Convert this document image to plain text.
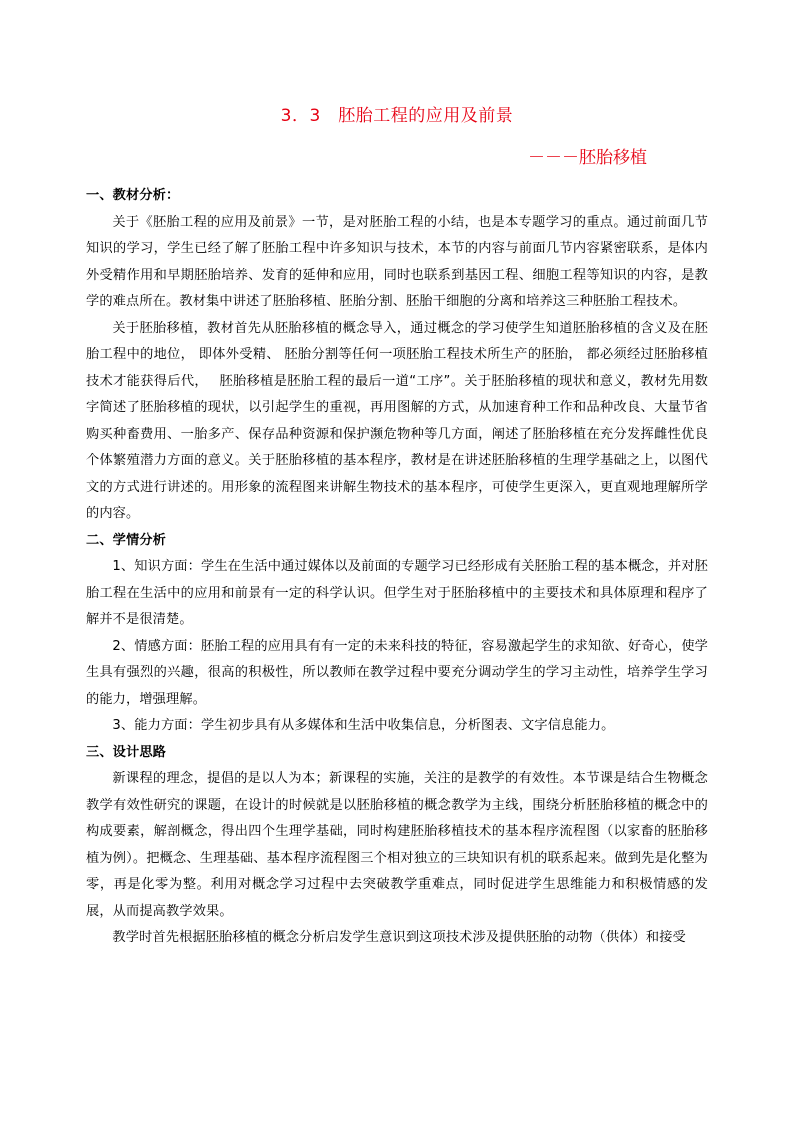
3．3　胚胎工程的应用及前景
－－－胚胎移植

一、教材分析：

关于《胚胎工程的应用及前景》一节，是对胚胎工程的小结，也是本专题学习的重点。通过前面几节知识的学习，学生已经了解了胚胎工程中许多知识与技术，本节的内容与前面几节内容紧密联系，是体内外受精作用和早期胚胎培养、发育的延伸和应用，同时也联系到基因工程、细胞工程等知识的内容，是教学的难点所在。教材集中讲述了胚胎移植、胚胎分割、胚胎干细胞的分离和培养这三种胚胎工程技术。

关于胚胎移植，教材首先从胚胎移植的概念导入，通过概念的学习使学生知道胚胎移植的含义及在胚胎工程中的地位， 即体外受精、 胚胎分割等任何一项胚胎工程技术所生产的胚胎， 都必须经过胚胎移植技术才能获得后代，　 胚胎移植是胚胎工程的最后一道“工序”。关于胚胎移植的现状和意义，教材先用数字简述了胚胎移植的现状，以引起学生的重视，再用图解的方式，从加速育种工作和品种改良、大量节省购买种畜费用、一胎多产、保存品种资源和保护濒危物种等几方面，阐述了胚胎移植在充分发挥雌性优良个体繁殖潜力方面的意义。关于胚胎移植的基本程序，教材是在讲述胚胎移植的生理学基础之上，以图代文的方式进行讲述的。用形象的流程图来讲解生物技术的基本程序，可使学生更深入，更直观地理解所学的内容。

二、学情分析

1、知识方面：学生在生活中通过媒体以及前面的专题学习已经形成有关胚胎工程的基本概念，并对胚胎工程在生活中的应用和前景有一定的科学认识。但学生对于胚胎移植中的主要技术和具体原理和程序了解并不是很清楚。

2、情感方面：胚胎工程的应用具有有一定的未来科技的特征，容易激起学生的求知欲、好奇心，使学生具有强烈的兴趣，很高的积极性，所以教师在教学过程中要充分调动学生的学习主动性，培养学生学习的能力，增强理解。

3、能力方面：学生初步具有从多媒体和生活中收集信息，分析图表、文字信息能力。

三、设计思路

新课程的理念，提倡的是以人为本；新课程的实施，关注的是教学的有效性。本节课是结合生物概念教学有效性研究的课题，在设计的时候就是以胚胎移植的概念教学为主线，围绕分析胚胎移植的概念中的构成要素，解剖概念，得出四个生理学基础，同时构建胚胎移植技术的基本程序流程图（以家畜的胚胎移植为例）。把概念、生理基础、基本程序流程图三个相对独立的三块知识有机的联系起来。做到先是化整为零，再是化零为整。利用对概念学习过程中去突破教学重难点，同时促进学生思维能力和积极情感的发展，从而提高教学效果。

教学时首先根据胚胎移植的概念分析启发学生意识到这项技术涉及提供胚胎的动物（供体）和接受
